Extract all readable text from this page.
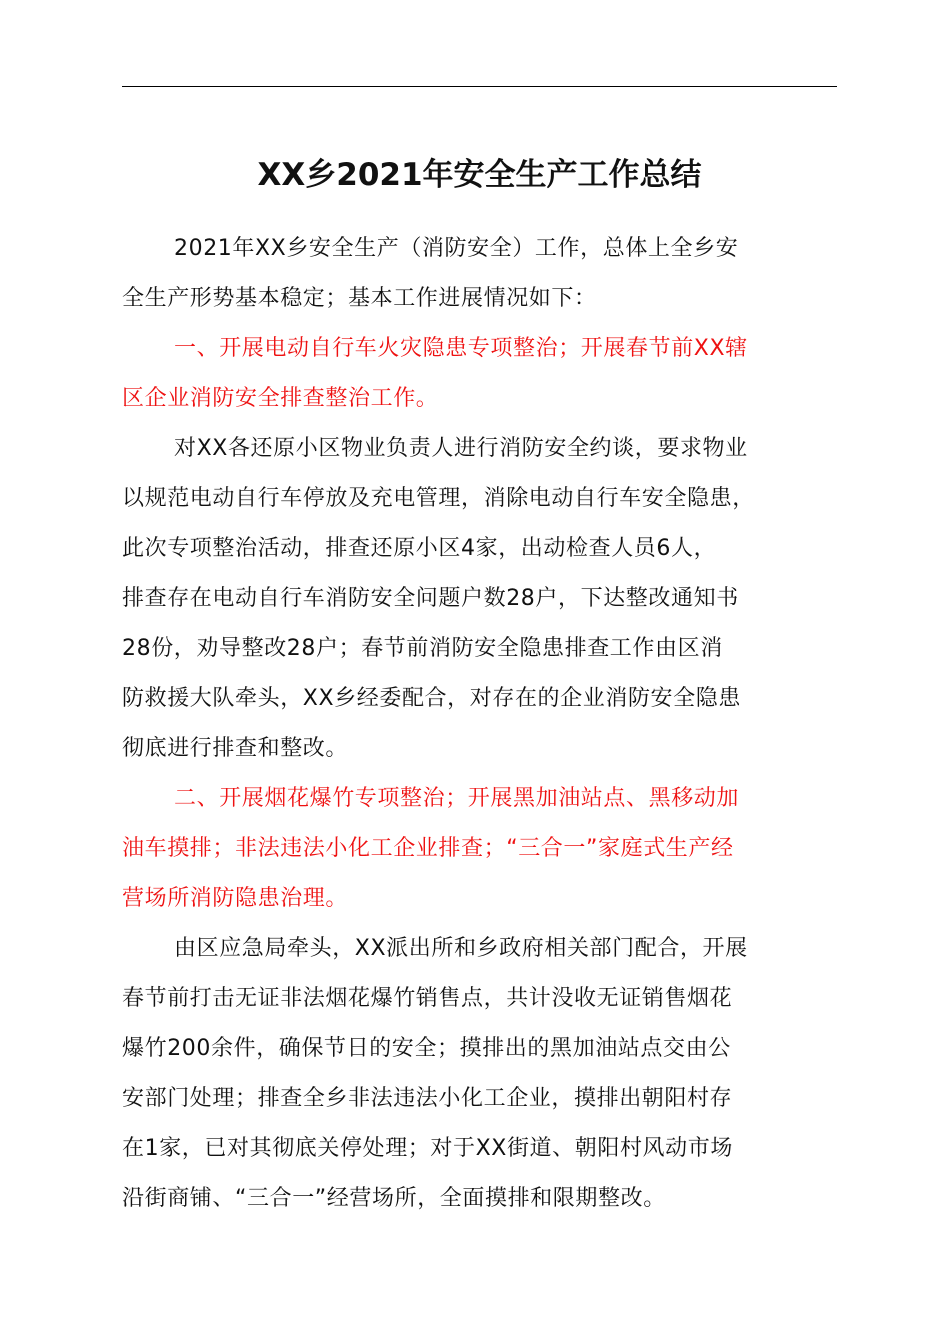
XX乡2021年安全生产工作总结

2021年XX乡安全生产（消防安全）工作，总体上全乡安
全生产形势基本稳定；基本工作进展情况如下：

一、开展电动自行车火灾隐患专项整治；开展春节前XX辖
区企业消防安全排查整治工作。

对XX各还原小区物业负责人进行消防安全约谈，要求物业
以规范电动自行车停放及充电管理，消除电动自行车安全隐患，
此次专项整治活动，排查还原小区4家，出动检查人员6人，
排查存在电动自行车消防安全问题户数28户，下达整改通知书
28份，劝导整改28户；春节前消防安全隐患排查工作由区消
防救援大队牵头，XX乡经委配合，对存在的企业消防安全隐患
彻底进行排查和整改。

二、开展烟花爆竹专项整治；开展黑加油站点、黑移动加
油车摸排；非法违法小化工企业排查；“三合一”家庭式生产经
营场所消防隐患治理。

由区应急局牵头，XX派出所和乡政府相关部门配合，开展
春节前打击无证非法烟花爆竹销售点，共计没收无证销售烟花
爆竹200余件，确保节日的安全；摸排出的黑加油站点交由公
安部门处理；排查全乡非法违法小化工企业，摸排出朝阳村存
在1家，已对其彻底关停处理；对于XX街道、朝阳村风动市场
沿街商铺、“三合一”经营场所，全面摸排和限期整改。
